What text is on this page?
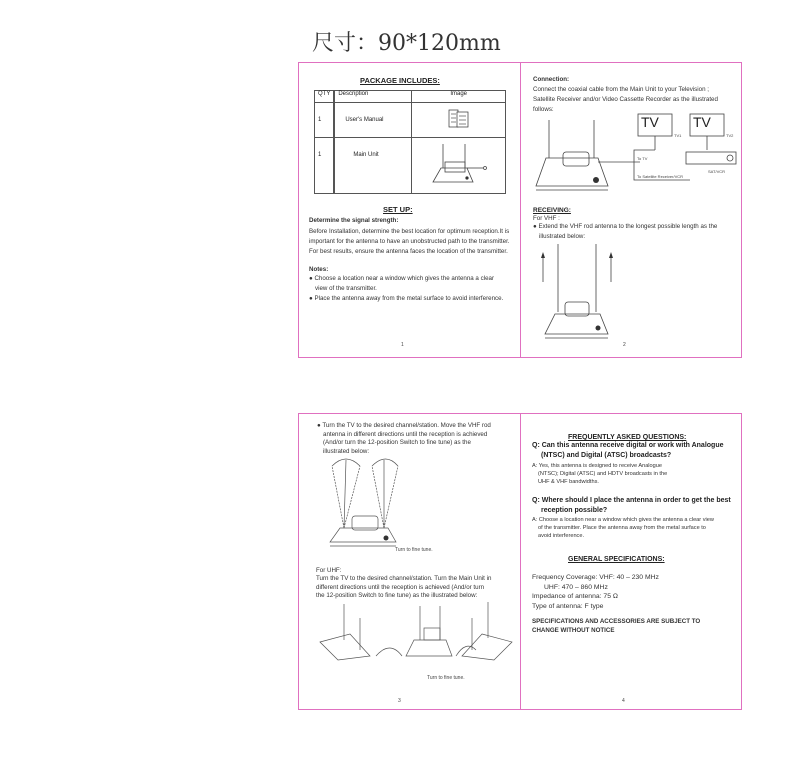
尺寸：90*120mm
PACKAGE INCLUDES:
QTY	Description	Image
1	User's Manual	
1	Main Unit	
SET UP:
Determine the signal strength:
Before Installation, determine the best location for optimum reception.It is
important for the antenna to have an unobstructed path to the transmitter.
For best results, ensure the antenna faces the location of the transmitter.
Notes:
● Choose a location near a window which gives the antenna a clear
view of the transmitter.
● Place the antenna away from the metal surface to avoid interference.
1
Connection:
Connect the coaxial cable from the Main Unit to your Television ;
Satellite Receiver and/or Video Cassette Recorder as the illustrated
follows:
TV TV
TV1	TV2
To TV
To Satellite Receiver/VCR
SAT/VCR
RECEIVING:
For VHF :
● Extend the VHF rod antenna to the longest possible length as the
illustrated below:
2
● Turn the TV to the desired channel/station. Move the VHF rod
antenna in different directions until the reception is achieved
(And/or turn the 12-position Switch to fine tune) as the
illustrated below:
Turn to fine tune.
For UHF:
Turn the TV to the desired channel/station. Turn the Main Unit in
different directions until the reception is achieved (And/or turn
the 12-position Switch to fine tune) as the illustrated below:
Turn to fine tune.
3
FREQUENTLY ASKED QUESTIONS:
Q: Can this antenna receive digital or work with Analogue
(NTSC) and Digital (ATSC) broadcasts?
A: Yes, this antenna is designed to receive Analogue
(NTSC); Digital (ATSC) and HDTV broadcasts in the
UHF & VHF bandwidths.
Q: Where should I place the antenna in order to get the best
reception possible?
A: Choose a location near a window which gives the antenna a clear view
of the transmitter. Place the antenna away from the metal surface to
avoid interference.
GENERAL SPECIFICATIONS:
Frequency Coverage: VHF: 40 – 230 MHz
UHF: 470 – 860 MHz
Impedance of antenna: 75 Ω
Type of antenna: F type
SPECIFICATIONS AND ACCESSORIES ARE SUBJECT TO
CHANGE WITHOUT NOTICE
4
